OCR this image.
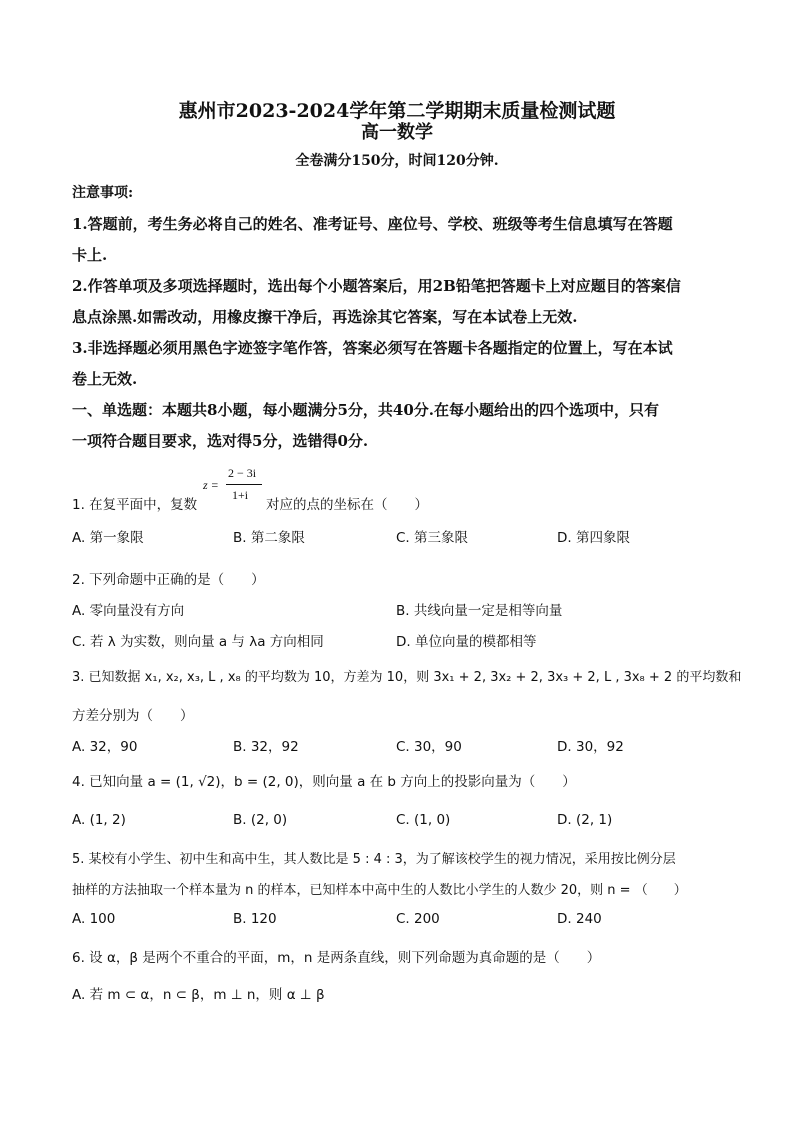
惠州市2023-2024学年第二学期期末质量检测试题
高一数学
全卷满分150分，时间120分钟.
注意事项:
1.答题前，考生务必将自己的姓名、准考证号、座位号、学校、班级等考生信息填写在答题
卡上.
2.作答单项及多项选择题时，选出每个小题答案后，用2B铅笔把答题卡上对应题目的答案信
息点涂黑.如需改动，用橡皮擦干净后，再选涂其它答案，写在本试卷上无效.
3.非选择题必须用黑色字迹签字笔作答，答案必须写在答题卡各题指定的位置上，写在本试
卷上无效.
一、单选题：本题共8小题，每小题满分5分，共40分.在每小题给出的四个选项中，只有
一项符合题目要求，选对得5分，选错得0分.
1. 在复平面中，复数
z =
2 − 3i
1+i
对应的点的坐标在（　　）
A. 第一象限	B. 第二象限	C. 第三象限	D. 第四象限
2. 下列命题中正确的是（　　）
A. 零向量没有方向	B. 共线向量一定是相等向量
C. 若 λ 为实数，则向量 a 与 λa 方向相同	D. 单位向量的模都相等
3. 已知数据 x₁, x₂, x₃, L , x₈ 的平均数为 10，方差为 10，则 3x₁ + 2, 3x₂ + 2, 3x₃ + 2, L , 3x₈ + 2 的平均数和
方差分别为（　　）
A. 32，90	B. 32，92	C. 30，90	D. 30，92
4. 已知向量 a = (1, √2)，b = (2, 0)，则向量 a 在 b 方向上的投影向量为（　　）
A. (1, 2)	B. (2, 0)	C. (1, 0)	D. (2, 1)
5. 某校有小学生、初中生和高中生，其人数比是 5 : 4 : 3，为了解该校学生的视力情况，采用按比例分层
抽样的方法抽取一个样本量为 n 的样本，已知样本中高中生的人数比小学生的人数少 20，则 n = （　　）
A. 100	B. 120	C. 200	D. 240
6. 设 α，β 是两个不重合的平面，m，n 是两条直线，则下列命题为真命题的是（　　）
A. 若 m ⊂ α，n ⊂ β，m ⊥ n，则 α ⊥ β
